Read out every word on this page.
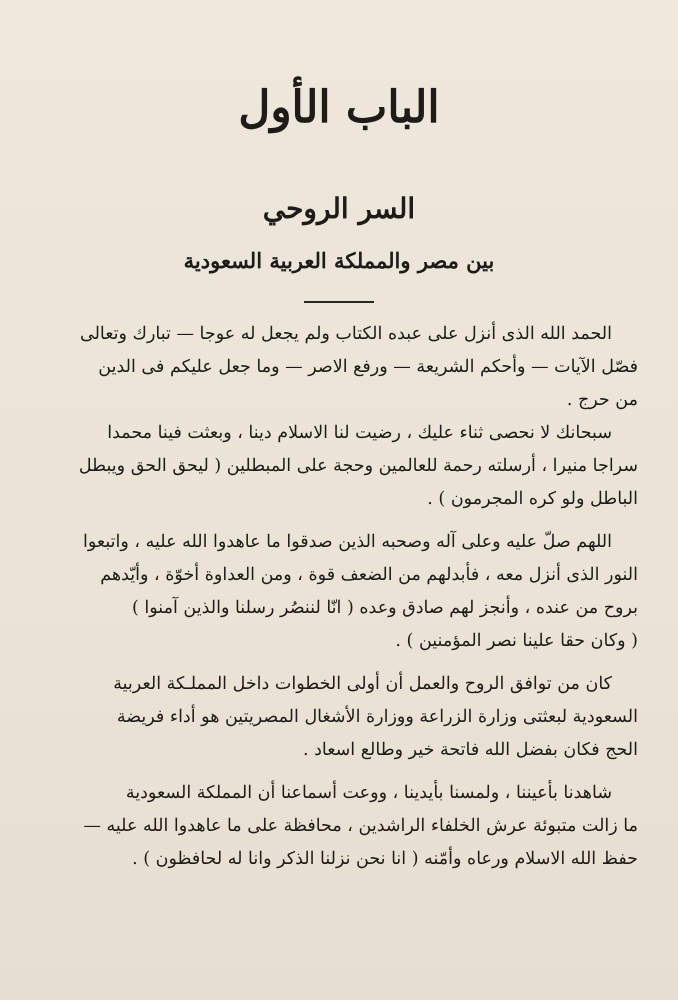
الباب الأول
السر الروحي
بين مصر والمملكة العربية السعودية
الحمد الله الذى أنزل على عبده الكتاب ولم يجعل له عوجا — تبارك وتعالى
فصّل الآيات — وأحكم الشريعة — ورفع الاصر — وما جعل عليكم فى الدين
من حرج .
سبحانك لا نحصى ثناء عليك ، رضيت لنا الاسلام دينا ، وبعثت فينا محمدا
سراجا منيرا ، أرسلته رحمة للعالمين وحجة على المبطلين ( ليحق الحق ويبطل
الباطل ولو كره المجرمون ) .
اللهم صلّ عليه وعلى آله وصحبه الذين صدقوا ما عاهدوا الله عليه ، واتبعوا
النور الذى أنزل معه ، فأبدلهم من الضعف قوة ، ومن العداوة أخوّة ، وأيّدهم
بروح من عنده ، وأنجز لهم صادق وعده ( انّا لننصُر رسلنا والذين آمنوا )
( وكان حقا علينا نصر المؤمنين ) .
كان من توافق الروح والعمل أن أولى الخطوات داخل المملـكة العربية
السعودية لبعثتى وزارة الزراعة ووزارة الأشغال المصريتين هو أداء فريضة
الحج فكان بفضل الله فاتحة خير وطالع اسعاد .
شاهدنا بأعيننا ، ولمسنا بأيدينا ، ووعت أسماعنا أن المملكة السعودية
ما زالت متبوئة عرش الخلفاء الراشدين ، محافظة على ما عاهدوا الله عليه —
حفظ الله الاسلام ورعاه وأمّنه ( انا نحن نزلنا الذكر وانا له لحافظون ) .
